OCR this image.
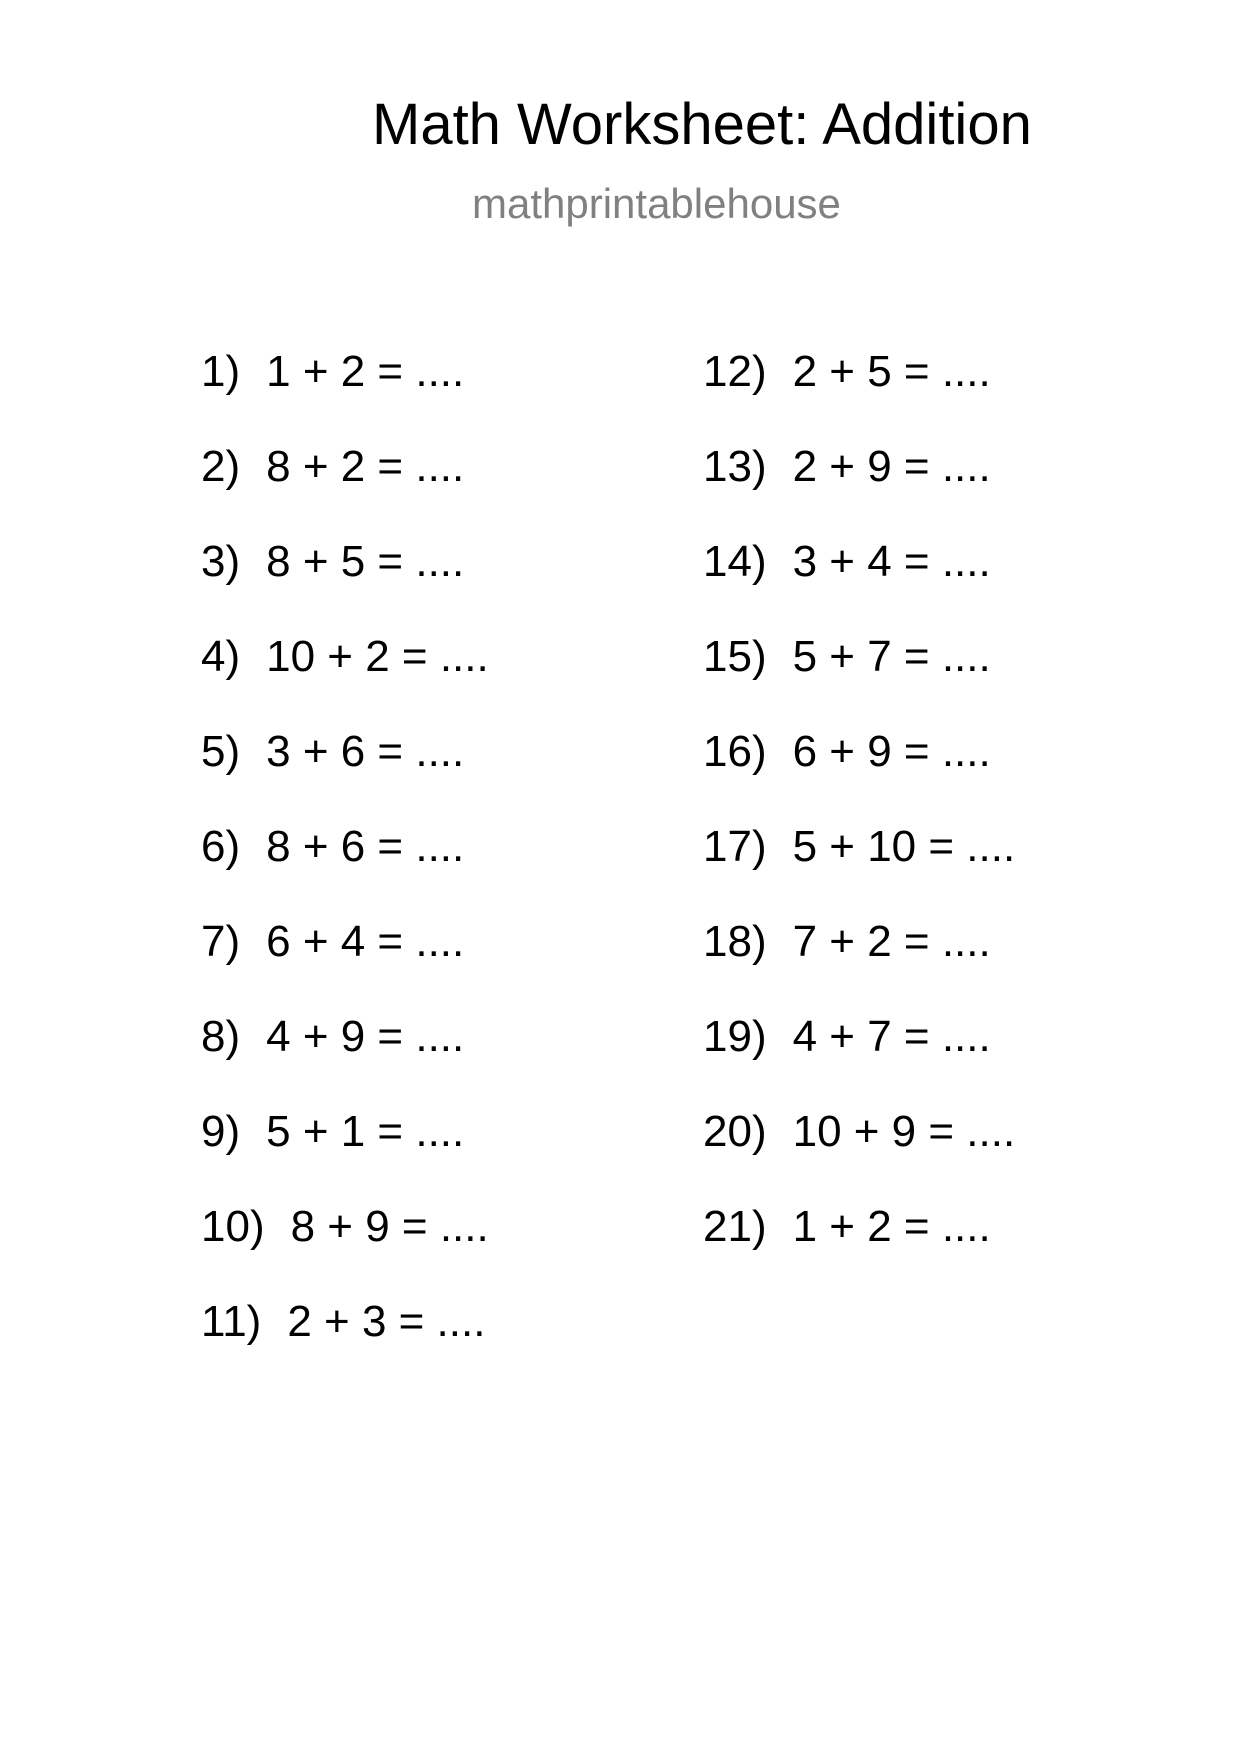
Math Worksheet: Addition
mathprintablehouse
1) 1 + 2 = ....
2) 8 + 2 = ....
3) 8 + 5 = ....
4) 10 + 2 = ....
5) 3 + 6 = ....
6) 8 + 6 = ....
7) 6 + 4 = ....
8) 4 + 9 = ....
9) 5 + 1 = ....
10) 8 + 9 = ....
11) 2 + 3 = ....
12) 2 + 5 = ....
13) 2 + 9 = ....
14) 3 + 4 = ....
15) 5 + 7 = ....
16) 6 + 9 = ....
17) 5 + 10 = ....
18) 7 + 2 = ....
19) 4 + 7 = ....
20) 10 + 9 = ....
21) 1 + 2 = ....
